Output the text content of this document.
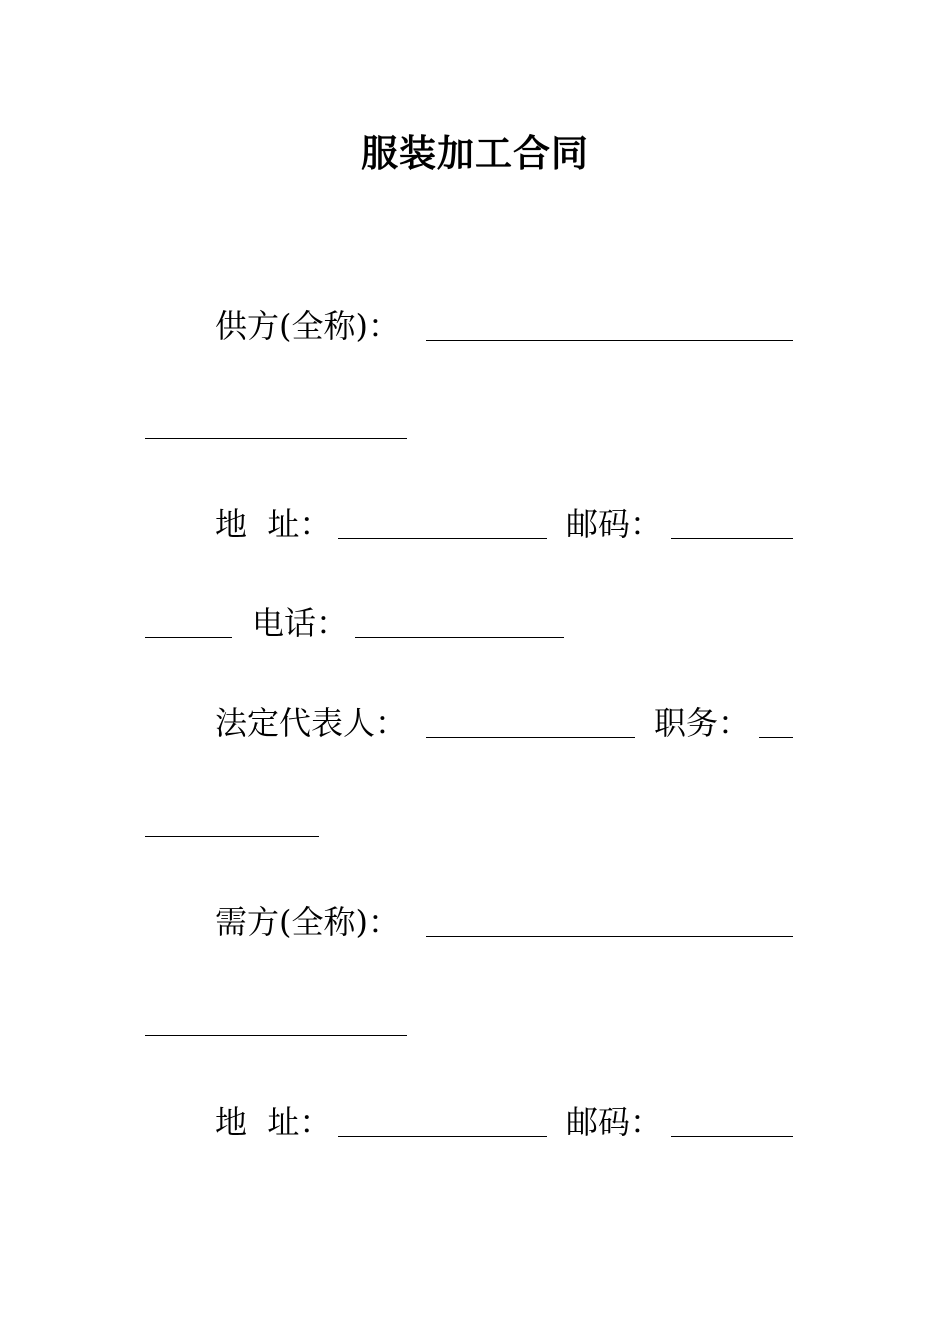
服装加工合同
供方(全称)：
地  址：	邮码：
电话：
法定代表人：	职务：
需方(全称)：
地  址：	邮码：
